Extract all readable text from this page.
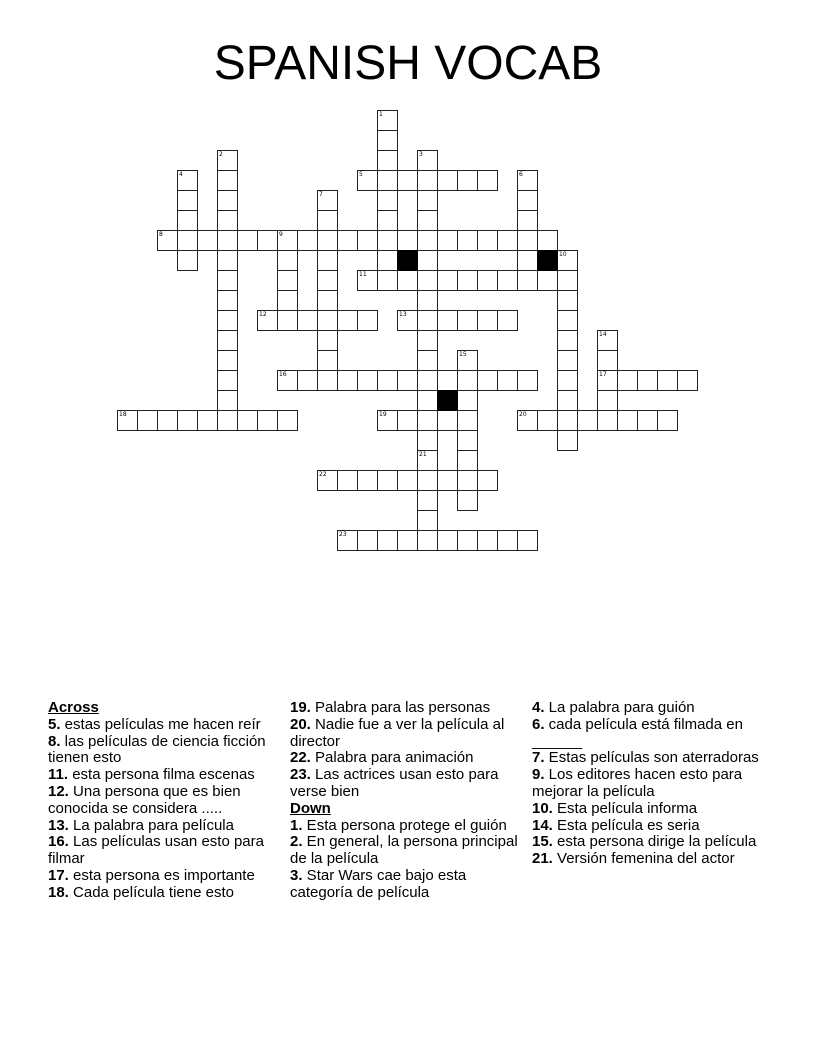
SPANISH VOCAB
5
8	9
11
12	13
16	17
18	19	20
22
23
1
2	3
21
4	6
7
10
14
15
Across
5. estas películas me hacen reír
8. las películas de ciencia ficción tienen esto
11. esta persona filma escenas
12. Una persona que es bien conocida se considera .....
13. La palabra para película
16. Las películas usan esto para filmar
17. esta persona es importante
18. Cada película tiene esto
19. Palabra para las personas
20. Nadie fue a ver la película al director
22. Palabra para animación
23. Las actrices usan esto para verse bien
Down
1. Esta persona protege el guión
2. En general, la persona principal de la película
3. Star Wars cae bajo esta categoría de película
4. La palabra para guión
6. cada película está filmada en ______
7. Estas películas son aterradoras
9. Los editores hacen esto para mejorar la película
10. Esta película informa
14. Esta película es seria
15. esta persona dirige la película
21. Versión femenina del actor
